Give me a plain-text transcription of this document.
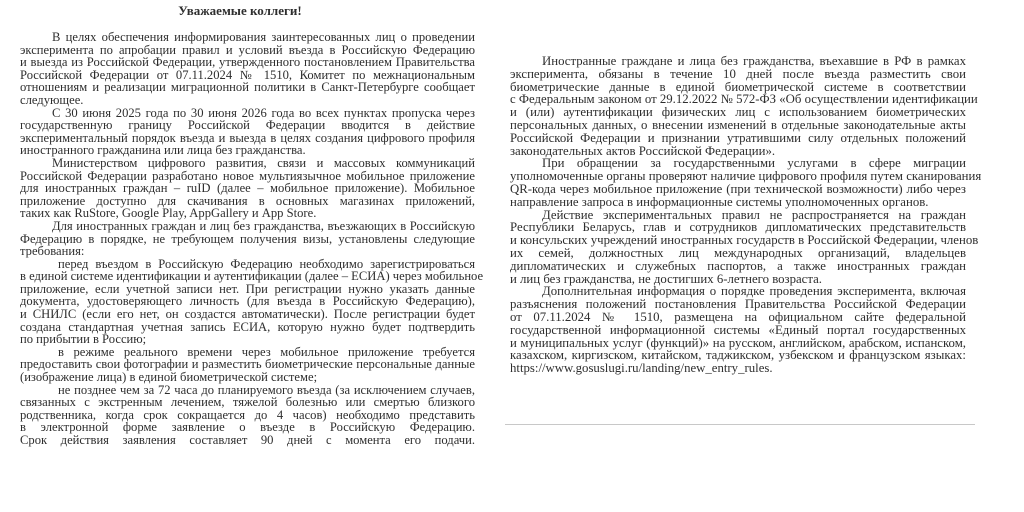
Уважаемые коллеги!
В целях обеспечения информирования заинтересованных лиц о проведении
эксперимента по апробации правил и условий въезда в Российскую Федерацию
и выезда из Российской Федерации, утвержденного постановлением Правительства
Российской Федерации от 07.11.2024 № 1510, Комитет по межнациональным
отношениям и реализации миграционной политики в Санкт-Петербурге сообщает
следующее.
С 30 июня 2025 года по 30 июня 2026 года во всех пунктах пропуска через
государственную границу Российской Федерации вводится в действие
экспериментальный порядок въезда и выезда в целях создания цифрового профиля
иностранного гражданина или лица без гражданства.
Министерством цифрового развития, связи и массовых коммуникаций
Российской Федерации разработано новое мультиязычное мобильное приложение
для иностранных граждан – ruID (далее – мобильное приложение). Мобильное
приложение доступно для скачивания в основных магазинах приложений,
таких как RuStore, Google Play, AppGallery и App Store.
Для иностранных граждан и лиц без гражданства, въезжающих в Российскую
Федерацию в порядке, не требующем получения визы, установлены следующие
требования:
перед въездом в Российскую Федерацию необходимо зарегистрироваться
в единой системе идентификации и аутентификации (далее – ЕСИА) через мобильное
приложение, если учетной записи нет. При регистрации нужно указать данные
документа, удостоверяющего личность (для въезда в Российскую Федерацию),
и СНИЛС (если его нет, он создастся автоматически). После регистрации будет
создана стандартная учетная запись ЕСИА, которую нужно будет подтвердить
по прибытии в Россию;
в режиме реального времени через мобильное приложение требуется
предоставить свои фотографии и разместить биометрические персональные данные
(изображение лица) в единой биометрической системе;
не позднее чем за 72 часа до планируемого въезда (за исключением случаев,
связанных с экстренным лечением, тяжелой болезнью или смертью близкого
родственника, когда срок сокращается до 4 часов) необходимо представить
в электронной форме заявление о въезде в Российскую Федерацию.
Срок действия заявления составляет 90 дней с момента его подачи.
Иностранные граждане и лица без гражданства, въехавшие в РФ в рамках
эксперимента, обязаны в течение 10 дней после въезда разместить свои
биометрические данные в единой биометрической системе в соответствии
с Федеральным законом от 29.12.2022 № 572-ФЗ «Об осуществлении идентификации
и (или) аутентификации физических лиц с использованием биометрических
персональных данных, о внесении изменений в отдельные законодательные акты
Российской Федерации и признании утратившими силу отдельных положений
законодательных актов Российской Федерации».
При обращении за государственными услугами в сфере миграции
уполномоченные органы проверяют наличие цифрового профиля путем сканирования
QR-кода через мобильное приложение (при технической возможности) либо через
направление запроса в информационные системы уполномоченных органов.
Действие экспериментальных правил не распространяется на граждан
Республики Беларусь, глав и сотрудников дипломатических представительств
и консульских учреждений иностранных государств в Российской Федерации, членов
их семей, должностных лиц международных организаций, владельцев
дипломатических и служебных паспортов, а также иностранных граждан
и лиц без гражданства, не достигших 6-летнего возраста.
Дополнительная информация о порядке проведения эксперимента, включая
разъяснения положений постановления Правительства Российской Федерации
от 07.11.2024 № 1510, размещена на официальном сайте федеральной
государственной информационной системы «Единый портал государственных
и муниципальных услуг (функций)» на русском, английском, арабском, испанском,
казахском, киргизском, китайском, таджикском, узбекском и французском языках:
https://www.gosuslugi.ru/landing/new_entry_rules.
